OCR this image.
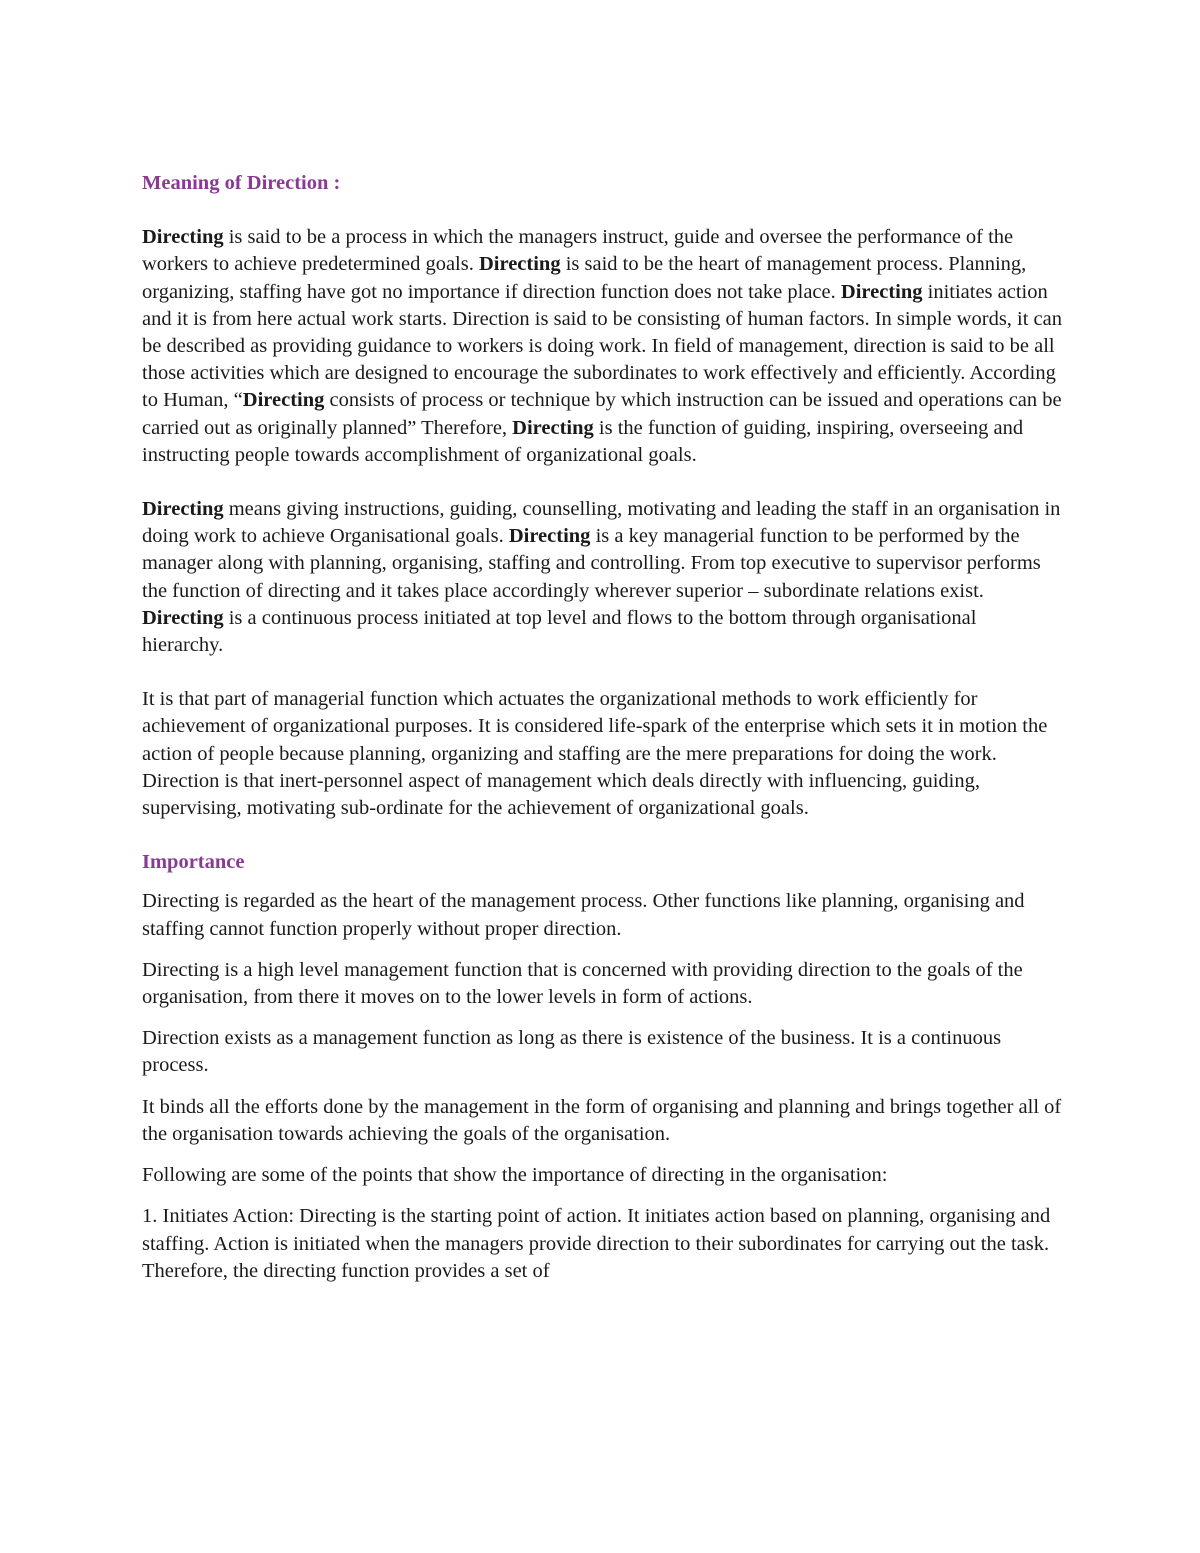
Meaning of Direction :

Directing is said to be a process in which the managers instruct, guide and oversee the performance of the workers to achieve predetermined goals. Directing is said to be the heart of management process. Planning, organizing, staffing have got no importance if direction function does not take place. Directing initiates action and it is from here actual work starts. Direction is said to be consisting of human factors. In simple words, it can be described as providing guidance to workers is doing work. In field of management, direction is said to be all those activities which are designed to encourage the subordinates to work effectively and efficiently. According to Human, “Directing consists of process or technique by which instruction can be issued and operations can be carried out as originally planned” Therefore, Directing is the function of guiding, inspiring, overseeing and instructing people towards accomplishment of organizational goals.

Directing means giving instructions, guiding, counselling, motivating and leading the staff in an organisation in doing work to achieve Organisational goals. Directing is a key managerial function to be performed by the manager along with planning, organising, staffing and controlling. From top executive to supervisor performs the function of directing and it takes place accordingly wherever superior – subordinate relations exist. Directing is a continuous process initiated at top level and flows to the bottom through organisational hierarchy.

It is that part of managerial function which actuates the organizational methods to work efficiently for achievement of organizational purposes. It is considered life-spark of the enterprise which sets it in motion the action of people because planning, organizing and staffing are the mere preparations for doing the work. Direction is that inert-personnel aspect of management which deals directly with influencing, guiding, supervising, motivating sub-ordinate for the achievement of organizational goals.

Importance

Directing is regarded as the heart of the management process. Other functions like planning, organising and staffing cannot function properly without proper direction.

Directing is a high level management function that is concerned with providing direction to the goals of the organisation, from there it moves on to the lower levels in form of actions.

Direction exists as a management function as long as there is existence of the business. It is a continuous process.

It binds all the efforts done by the management in the form of organising and planning and brings together all of the organisation towards achieving the goals of the organisation.

Following are some of the points that show the importance of directing in the organisation:

1. Initiates Action: Directing is the starting point of action. It initiates action based on planning, organising and staffing. Action is initiated when the managers provide direction to their subordinates for carrying out the task. Therefore, the directing function provides a set of
